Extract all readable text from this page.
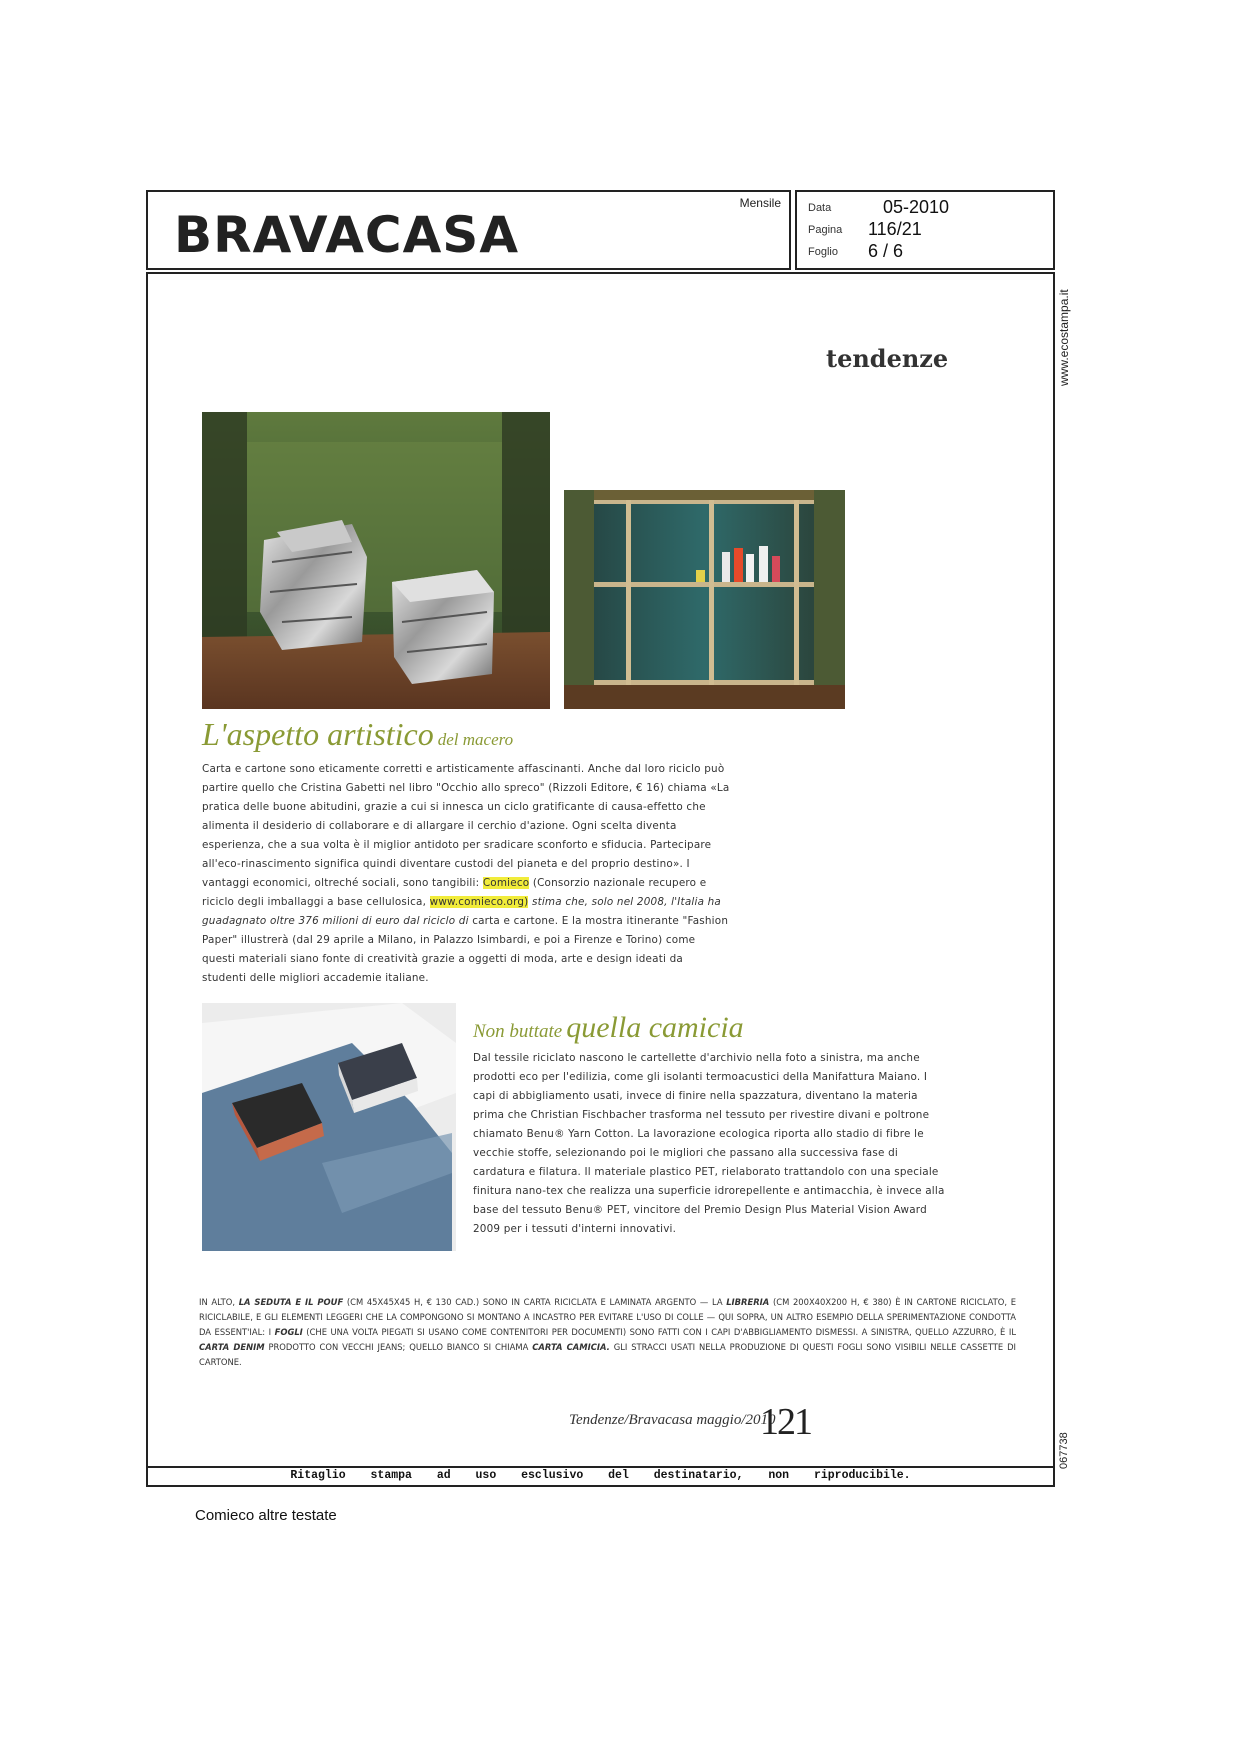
BRAVACASA
Mensile Data	05-2010
Pagina	116/21
Foglio	6 / 6
www.ecostampa.it
067738
tendenze
L'aspetto artistico del macero
Carta e cartone sono eticamente corretti e artisticamente affascinanti. Anche dal loro riciclo può partire quello che Cristina Gabetti nel libro "Occhio allo spreco" (Rizzoli Editore, € 16) chiama «La pratica delle buone abitudini, grazie a cui si innesca un ciclo gratificante di causa-effetto che alimenta il desiderio di collaborare e di allargare il cerchio d'azione. Ogni scelta diventa esperienza, che a sua volta è il miglior antidoto per sradicare sconforto e sfiducia. Partecipare all'eco-rinascimento significa quindi diventare custodi del pianeta e del proprio destino». I vantaggi economici, oltreché sociali, sono tangibili: Comieco (Consorzio nazionale recupero e riciclo degli imballaggi a base cellulosica, www.comieco.org) stima che, solo nel 2008, l'Italia ha guadagnato oltre 376 milioni di euro dal riciclo di carta e cartone. E la mostra itinerante "Fashion Paper" illustrerà (dal 29 aprile a Milano, in Palazzo Isimbardi, e poi a Firenze e Torino) come questi materiali siano fonte di creatività grazie a oggetti di moda, arte e design ideati da studenti delle migliori accademie italiane.
Non buttate quella camicia
Dal tessile riciclato nascono le cartellette d'archivio nella foto a sinistra, ma anche prodotti eco per l'edilizia, come gli isolanti termoacustici della Manifattura Maiano. I capi di abbigliamento usati, invece di finire nella spazzatura, diventano la materia prima che Christian Fischbacher trasforma nel tessuto per rivestire divani e poltrone chiamato Benu® Yarn Cotton. La lavorazione ecologica riporta allo stadio di fibre le vecchie stoffe, selezionando poi le migliori che passano alla successiva fase di cardatura e filatura. Il materiale plastico PET, rielaborato trattandolo con una speciale finitura nano-tex che realizza una superficie idrorepellente e antimacchia, è invece alla base del tessuto Benu® PET, vincitore del Premio Design Plus Material Vision Award 2009 per i tessuti d'interni innovativi.
IN ALTO, LA SEDUTA E IL POUF (CM 45X45X45 H, € 130 CAD.) SONO IN CARTA RICICLATA E LAMINATA ARGENTO — LA LIBRERIA (CM 200X40X200 H, € 380) È IN CARTONE RICICLATO, E RICICLABILE, E GLI ELEMENTI LEGGERI CHE LA COMPONGONO SI MONTANO A INCASTRO PER EVITARE L'USO DI COLLE — QUI SOPRA, UN ALTRO ESEMPIO DELLA SPERIMENTAZIONE CONDOTTA DA ESSENT'IAL: I FOGLI (CHE UNA VOLTA PIEGATI SI USANO COME CONTENITORI PER DOCUMENTI) SONO FATTI CON I CAPI D'ABBIGLIAMENTO DISMESSI. A SINISTRA, QUELLO AZZURRO, È IL CARTA DENIM PRODOTTO CON VECCHI JEANS; QUELLO BIANCO SI CHIAMA CARTA CAMICIA. GLI STRACCI USATI NELLA PRODUZIONE DI QUESTI FOGLI SONO VISIBILI NELLE CASSETTE DI CARTONE.
Tendenze/Bravacasa maggio/2010
121
Ritaglio stampa ad uso esclusivo del destinatario, non riproducibile.
Comieco altre testate
